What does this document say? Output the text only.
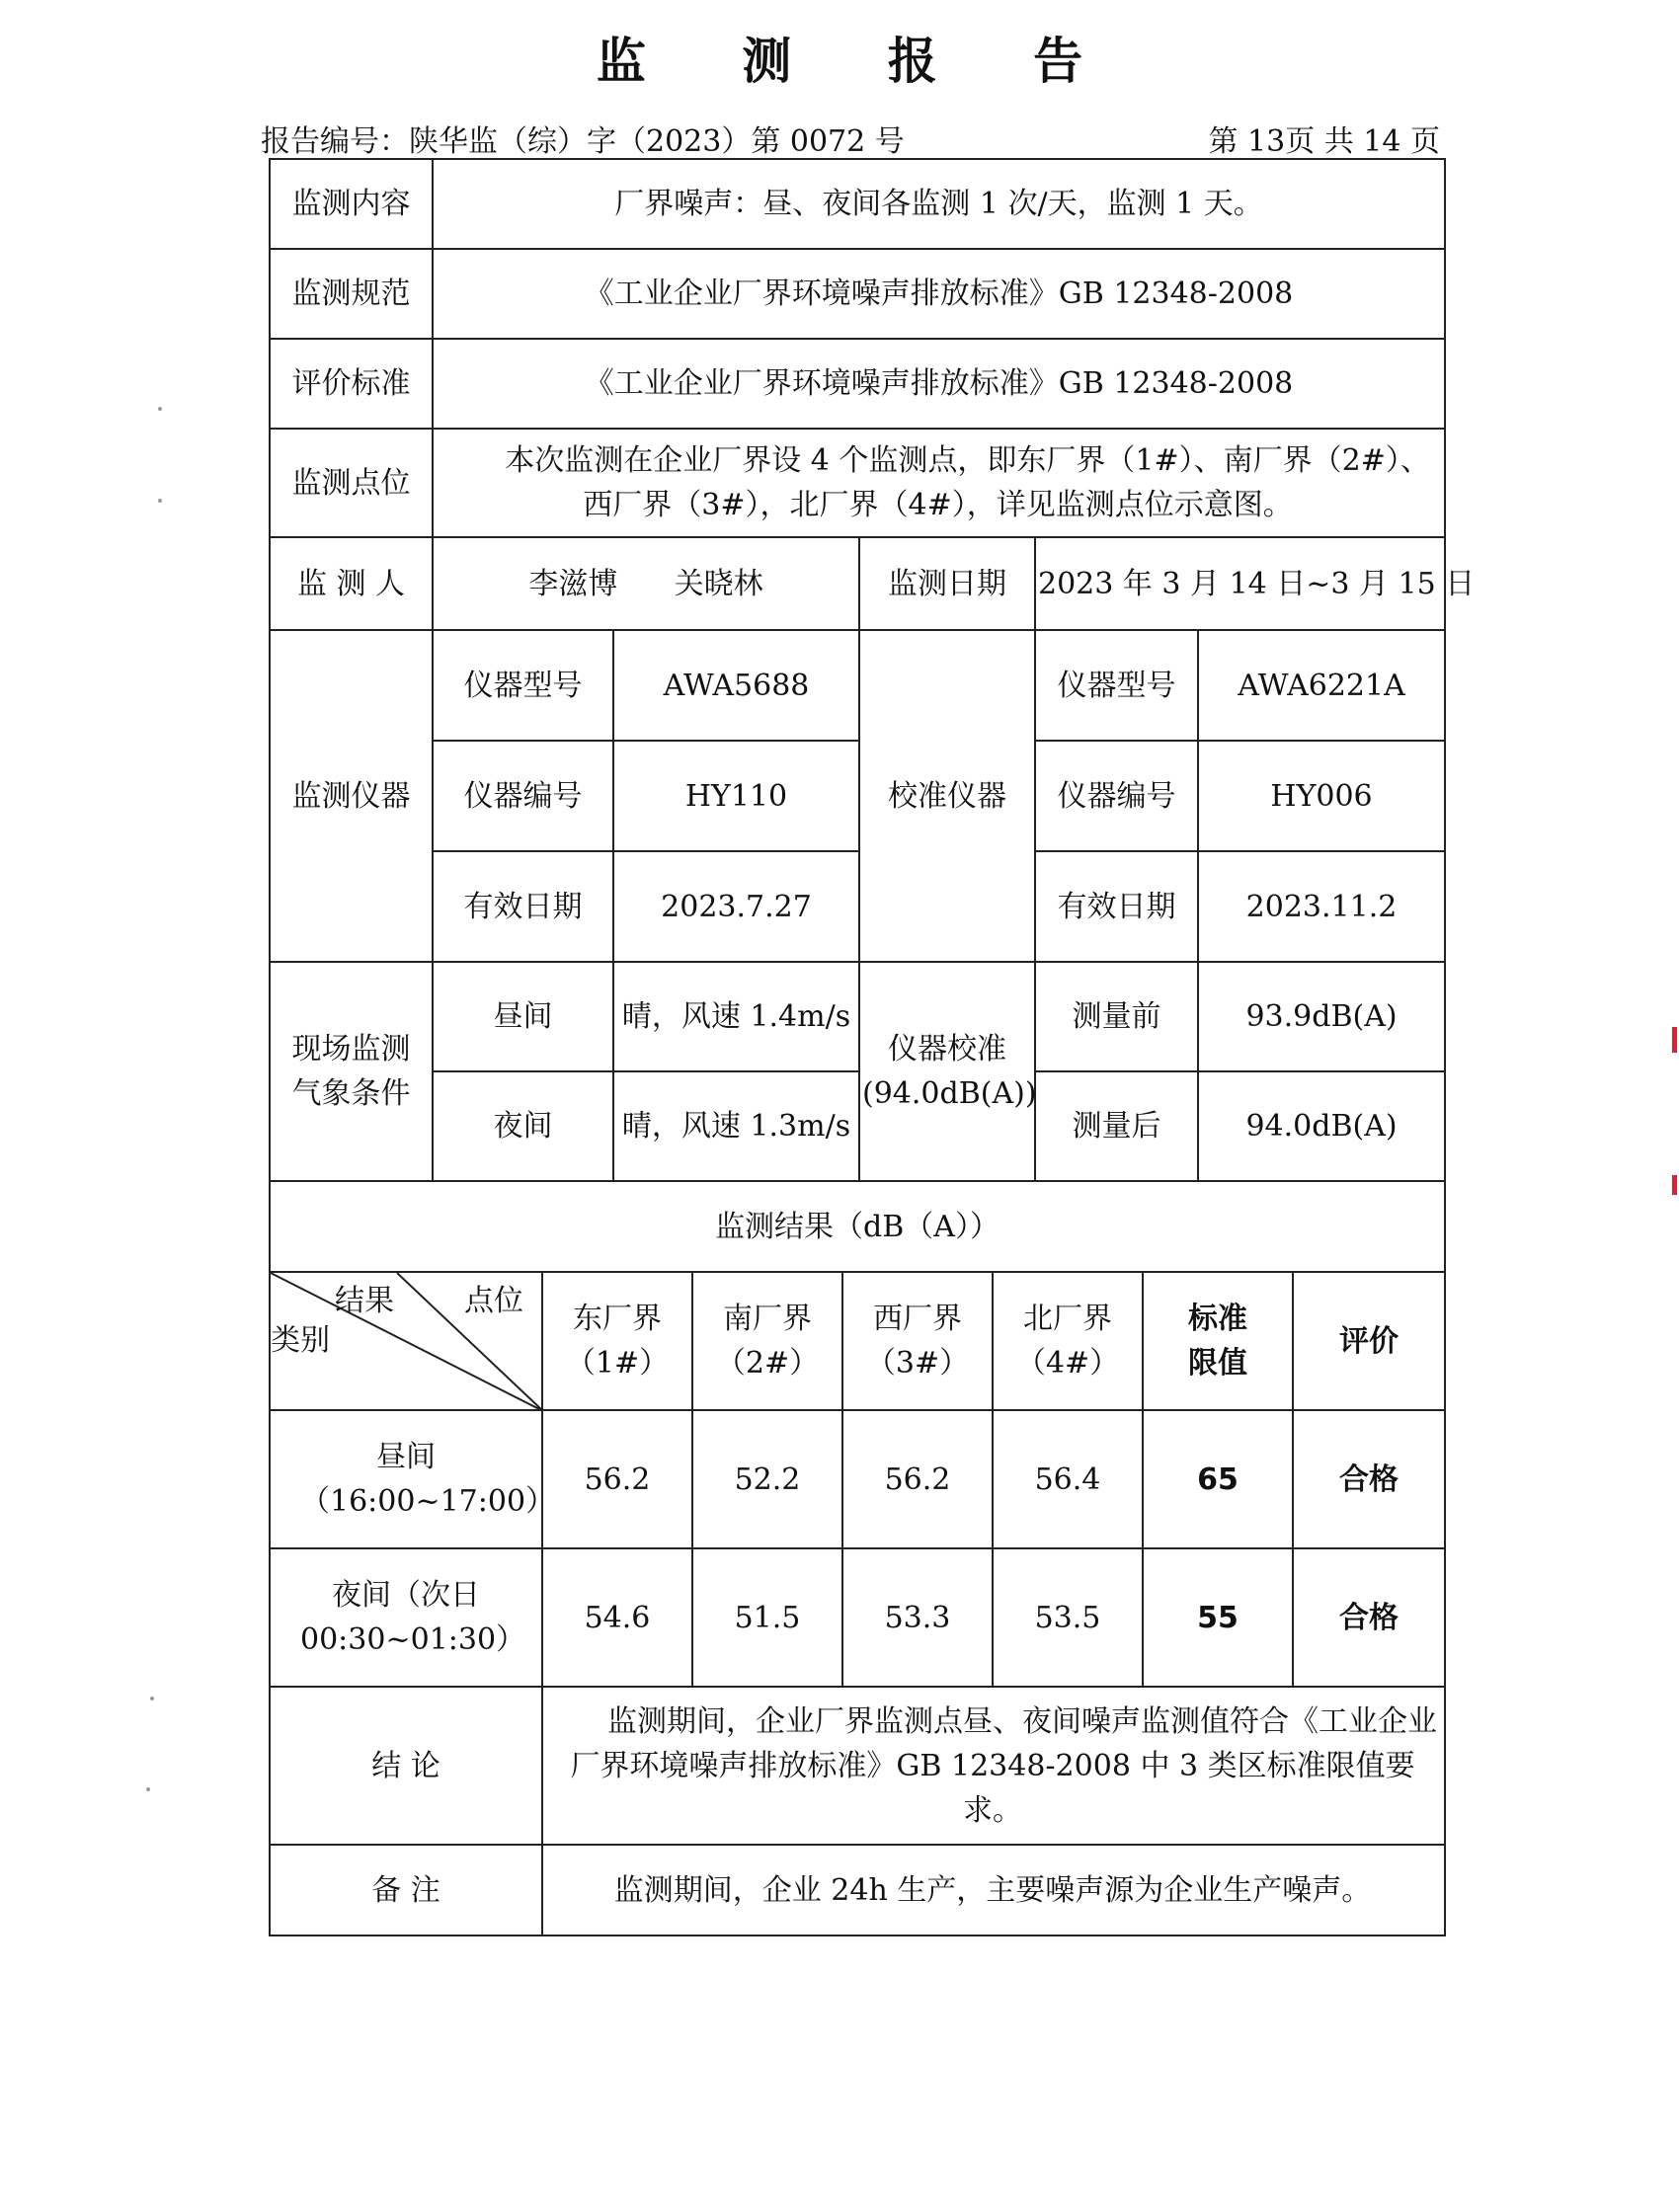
监 测 报 告
报告编号：陕华监（综）字（2023）第 0072 号	第 13页 共 14 页
监测内容	厂界噪声：昼、夜间各监测 1 次/天，监测 1 天。				
监测规范	《工业企业厂界环境噪声排放标准》GB 12348-2008				
评价标准	《工业企业厂界环境噪声排放标准》GB 12348-2008				
监测点位	本次监测在企业厂界设 4 个监测点，即东厂界（1#）、南厂界（2#）、西厂界（3#），北厂界（4#），详见监测点位示意图。				
监 测 人	李滋博      关晓林		监测日期	2023 年 3 月 14 日~3 月 15 日	
监测仪器	仪器型号	AWA5688	校准仪器	仪器型号	AWA6221A
	仪器编号	HY110		仪器编号	HY006
	有效日期	2023.7.27		有效日期	2023.11.2
现场监测气象条件	昼间	晴，风速 1.4m/s	仪器校准(94.0dB(A))	测量前	93.9dB(A)
	夜间	晴，风速 1.3m/s		测量后	94.0dB(A)
监测结果（dB（A））						

结果 点位
类别	东厂界（1#）	南厂界（2#）	西厂界（3#）	北厂界（4#）	标准限值	评价
昼间（16:00~17:00）	56.2	52.2	56.2	56.4	65	合格
夜间（次日00:30~01:30）	54.6	51.5	53.3	53.5	55	合格
结 论	监测期间，企业厂界监测点昼、夜间噪声监测值符合《工业企业厂界环境噪声排放标准》GB 12348-2008 中 3 类区标准限值要求。					
备 注	监测期间，企业 24h 生产，主要噪声源为企业生产噪声。					
